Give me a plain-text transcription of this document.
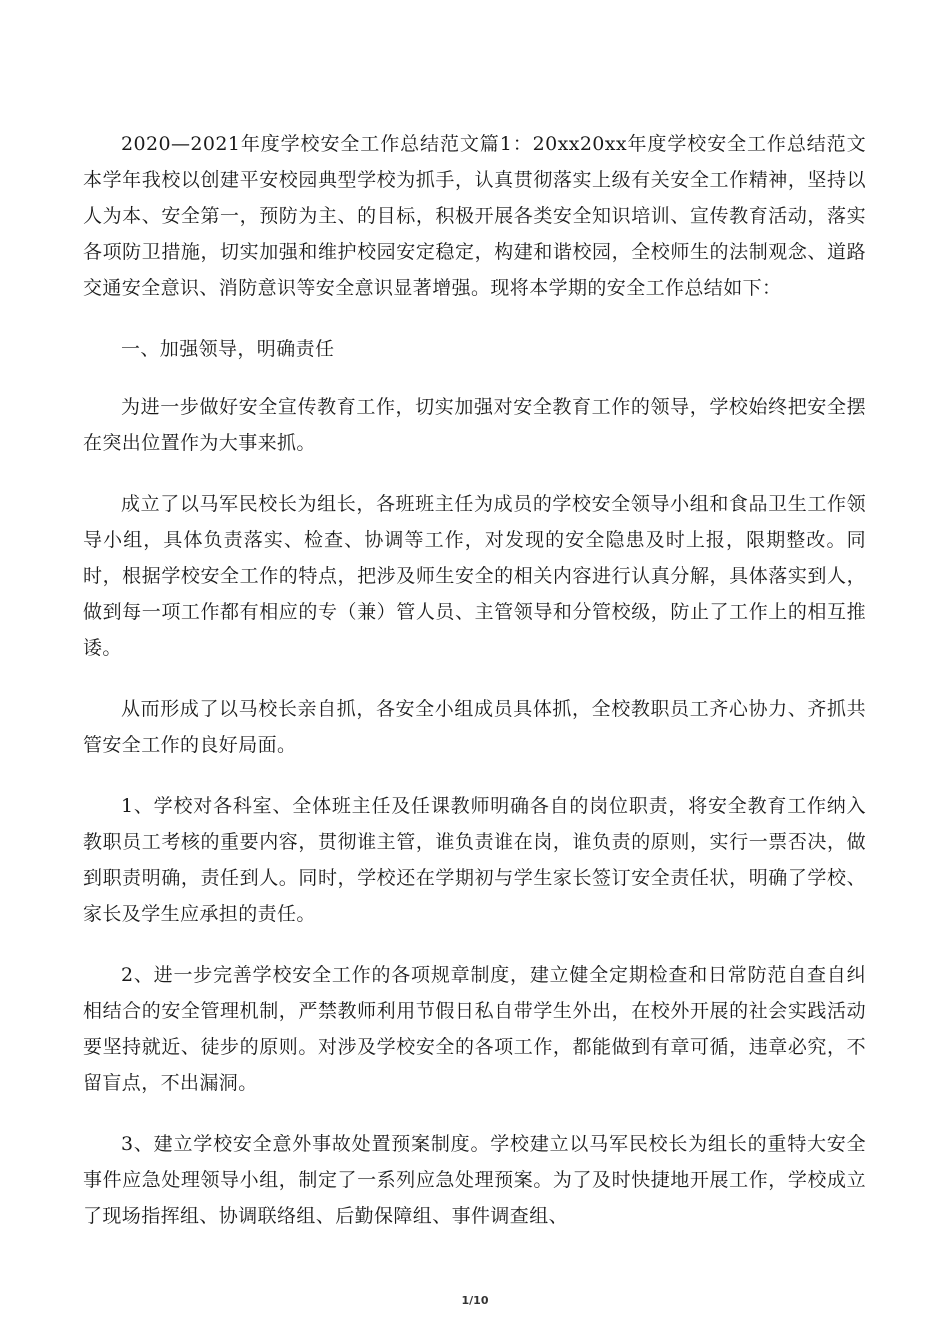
2020—2021年度学校安全工作总结范文篇1：20xx20xx年度学校安全工作总结范文本学年我校以创建平安校园典型学校为抓手，认真贯彻落实上级有关安全工作精神，坚持以人为本、安全第一，预防为主、的目标，积极开展各类安全知识培训、宣传教育活动，落实各项防卫措施，切实加强和维护校园安定稳定，构建和谐校园，全校师生的法制观念、道路交通安全意识、消防意识等安全意识显著增强。现将本学期的安全工作总结如下：

一、加强领导，明确责任

为进一步做好安全宣传教育工作，切实加强对安全教育工作的领导，学校始终把安全摆在突出位置作为大事来抓。

成立了以马军民校长为组长，各班班主任为成员的学校安全领导小组和食品卫生工作领导小组，具体负责落实、检查、协调等工作，对发现的安全隐患及时上报，限期整改。同时，根据学校安全工作的特点，把涉及师生安全的相关内容进行认真分解，具体落实到人，做到每一项工作都有相应的专（兼）管人员、主管领导和分管校级，防止了工作上的相互推诿。

从而形成了以马校长亲自抓，各安全小组成员具体抓，全校教职员工齐心协力、齐抓共管安全工作的良好局面。

1、学校对各科室、全体班主任及任课教师明确各自的岗位职责，将安全教育工作纳入教职员工考核的重要内容，贯彻谁主管，谁负责谁在岗，谁负责的原则，实行一票否决，做到职责明确，责任到人。同时，学校还在学期初与学生家长签订安全责任状，明确了学校、家长及学生应承担的责任。

2、进一步完善学校安全工作的各项规章制度，建立健全定期检查和日常防范自查自纠相结合的安全管理机制，严禁教师利用节假日私自带学生外出，在校外开展的社会实践活动要坚持就近、徒步的原则。对涉及学校安全的各项工作，都能做到有章可循，违章必究，不留盲点，不出漏洞。

3、建立学校安全意外事故处置预案制度。学校建立以马军民校长为组长的重特大安全事件应急处理领导小组，制定了一系列应急处理预案。为了及时快捷地开展工作，学校成立了现场指挥组、协调联络组、后勤保障组、事件调查组、

1/10
